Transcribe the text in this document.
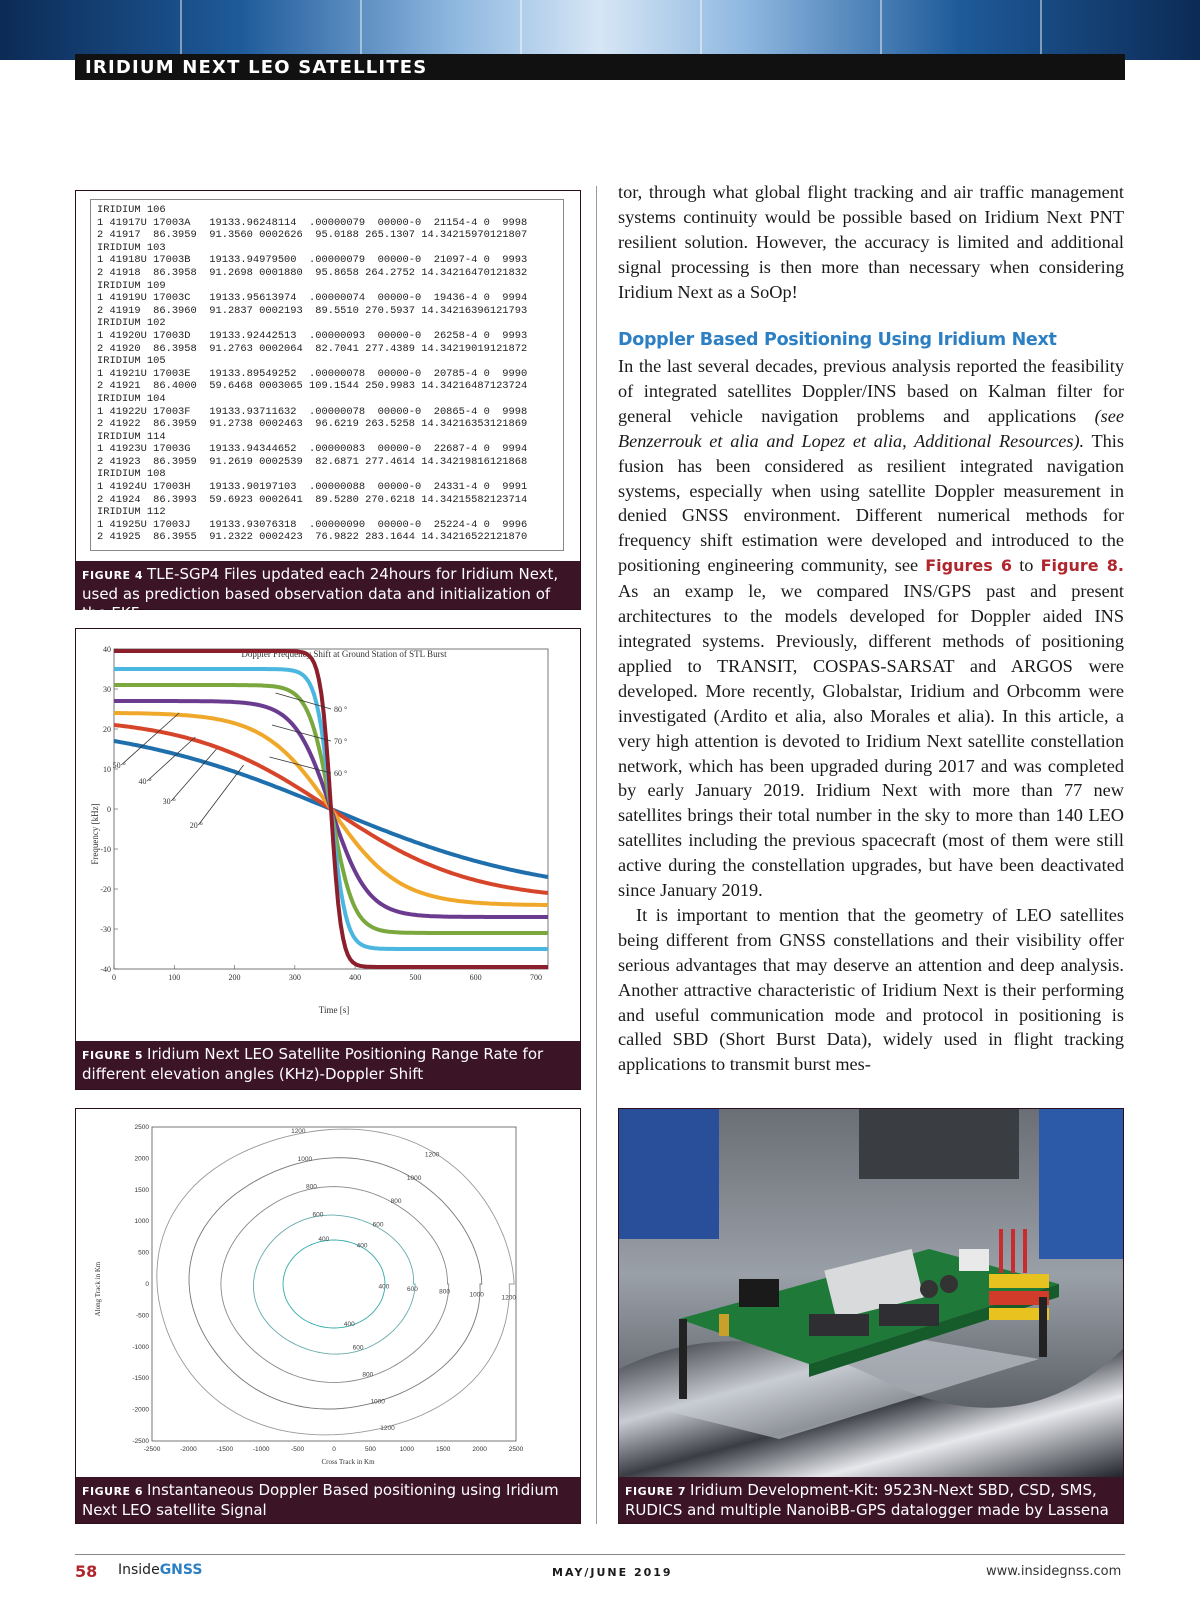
IRIDIUM NEXT LEO SATELLITES
IRIDIUM 106
1 41917U 17003A   19133.96248114  .00000079  00000-0  21154-4 0  9998
2 41917  86.3959  91.3560 0002626  95.0188 265.1307 14.34215970121807
IRIDIUM 103
1 41918U 17003B   19133.94979500  .00000079  00000-0  21097-4 0  9993
2 41918  86.3958  91.2698 0001880  95.8658 264.2752 14.34216470121832
IRIDIUM 109
1 41919U 17003C   19133.95613974  .00000074  00000-0  19436-4 0  9994
2 41919  86.3960  91.2837 0002193  89.5510 270.5937 14.34216396121793
IRIDIUM 102
1 41920U 17003D   19133.92442513  .00000093  00000-0  26258-4 0  9993
2 41920  86.3958  91.2763 0002064  82.7041 277.4389 14.34219019121872
IRIDIUM 105
1 41921U 17003E   19133.89549252  .00000078  00000-0  20785-4 0  9990
2 41921  86.4000  59.6468 0003065 109.1544 250.9983 14.34216487123724
IRIDIUM 104
1 41922U 17003F   19133.93711632  .00000078  00000-0  20865-4 0  9998
2 41922  86.3959  91.2738 0002463  96.6219 263.5258 14.34216353121869
IRIDIUM 114
1 41923U 17003G   19133.94344652  .00000083  00000-0  22687-4 0  9994
2 41923  86.3959  91.2619 0002539  82.6871 277.4614 14.34219816121868
IRIDIUM 108
1 41924U 17003H   19133.90197103  .00000088  00000-0  24331-4 0  9991
2 41924  86.3993  59.6923 0002641  89.5280 270.6218 14.34215582123714
IRIDIUM 112
1 41925U 17003J   19133.93076318  .00000090  00000-0  25224-4 0  9996
2 41925  86.3955  91.2322 0002423  76.9822 283.1644 14.34216522121870
FIGURE 4 TLE-SGP4 Files updated each 24hours for Iridium Next, used as prediction based observation data and initialization of the EKF
Doppler Frequency Shift at Ground Station of STL Burst
Time [s]
Frequency [kHz]
0	100	200	300	400	500	600	700
40
30
20
10
0
-10
-20
-30
-40
80 °
70 °
60 °
50 °
40 °
30 °
20 °
FIGURE 5 Iridium Next LEO Satellite Positioning Range Rate for different elevation angles (KHz)-Doppler Shift
Cross Track in Km
Along Track in Km
-2500	-2000	-1500	-1000	-500	0	500	1000	1500	2000	2500
2500
2000
1500
1000
500
0
-500
-1000
-1500
-2000
-2500
400
400
400
400
600
600
600
600
800
800
800
800
1000
1000
1000
1000
1200
1200
1200
1200
FIGURE 6 Instantaneous Doppler Based positioning using Iridium Next LEO satellite Signal
FIGURE 7 Iridium Development-Kit: 9523N-Next SBD, CSD, SMS, RUDICS and multiple NanoiBB-GPS datalogger made by Lassena

tor, through what global flight tracking and air traffic management systems continuity would be possible based on Iridium Next PNT resilient solution. However, the accuracy is limited and additional signal processing is then more than necessary when considering Iridium Next as a SoOp!

Doppler Based Positioning Using Iridium Next

In the last several decades, previous analysis reported the feasibility of integrated satellites Doppler/INS based on Kalman filter for general vehicle navigation problems and applications (see Benzerrouk et alia and Lopez et alia, Additional Resources). This fusion has been considered as resilient integrated navigation systems, especially when using satellite Doppler measurement in denied GNSS environment. Different numerical methods for frequency shift estimation were developed and introduced to the positioning engineering community, see Figures 6 to Figure 8. As an examp le, we compared INS/GPS past and present architectures to the models developed for Doppler aided INS integrated systems. Previously, different methods of positioning applied to TRANSIT, COSPAS-SARSAT and ARGOS were developed. More recently, Globalstar, Iridium and Orbcomm were investigated (Ardito et alia, also Morales et alia). In this article, a very high attention is devoted to Iridium Next satellite constellation network, which has been upgraded during 2017 and was completed by early January 2019. Iridium Next with more than 77 new satellites brings their total number in the sky to more than 140 LEO satellites including the previous spacecraft (most of them were still active during the constellation upgrades, but have been deactivated since January 2019.

It is important to mention that the geometry of LEO satellites being different from GNSS constellations and their visibility offer serious advantages that may deserve an attention and deep analysis. Another attractive characteristic of Iridium Next is their performing and useful communication mode and protocol in positioning is called SBD (Short Burst Data), widely used in flight tracking applications to transmit burst mes-

58 InsideGNSS	MAY/JUNE 2019	www.insidegnss.com
